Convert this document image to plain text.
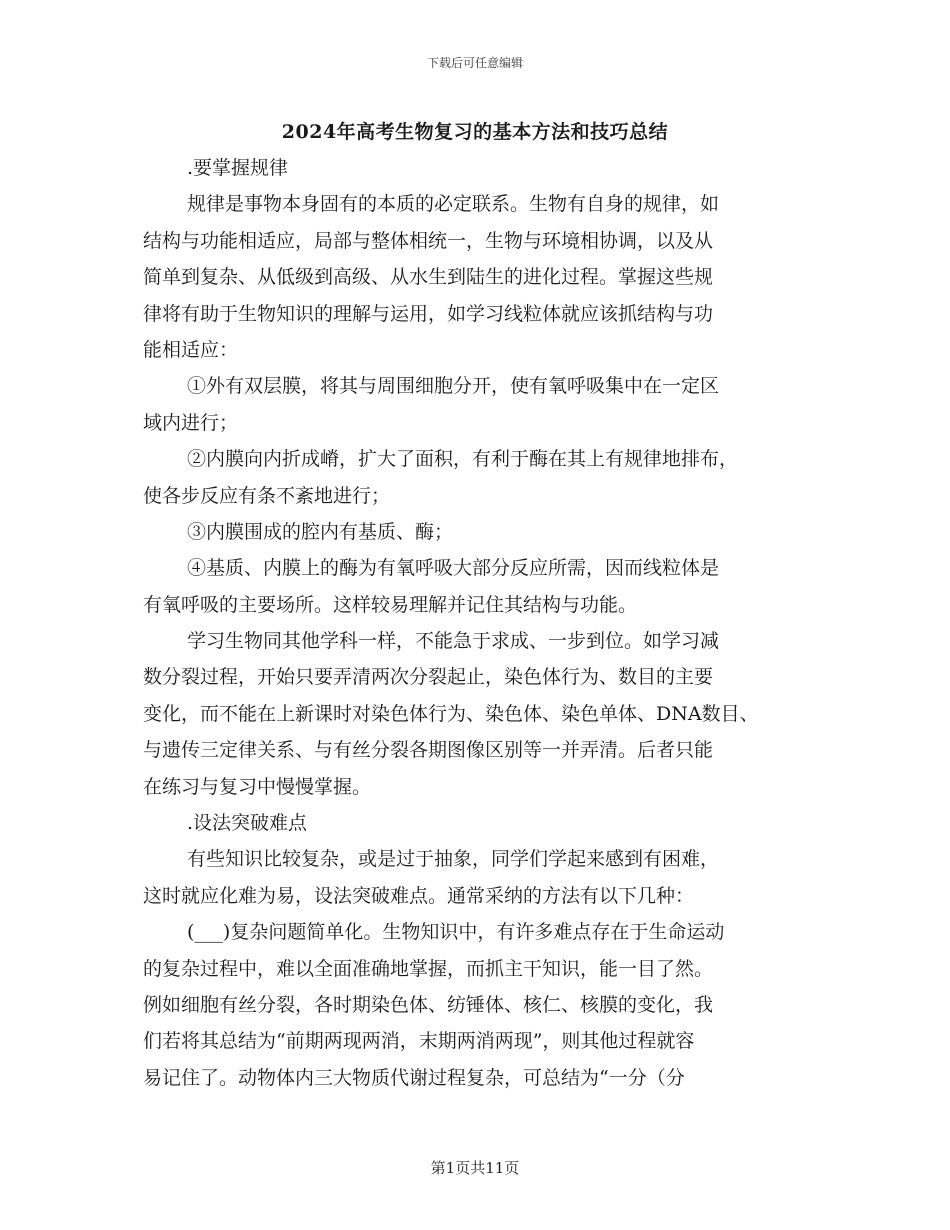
下载后可任意编辑
2024年高考生物复习的基本方法和技巧总结
.要掌握规律
规律是事物本身固有的本质的必定联系。生物有自身的规律，如
结构与功能相适应，局部与整体相统一，生物与环境相协调，以及从
简单到复杂、从低级到高级、从水生到陆生的进化过程。掌握这些规
律将有助于生物知识的理解与运用，如学习线粒体就应该抓结构与功
能相适应：
①外有双层膜，将其与周围细胞分开，使有氧呼吸集中在一定区
域内进行；
②内膜向内折成嵴，扩大了面积，有利于酶在其上有规律地排布，
使各步反应有条不紊地进行；
③内膜围成的腔内有基质、酶；
④基质、内膜上的酶为有氧呼吸大部分反应所需，因而线粒体是
有氧呼吸的主要场所。这样较易理解并记住其结构与功能。
学习生物同其他学科一样，不能急于求成、一步到位。如学习减
数分裂过程，开始只要弄清两次分裂起止，染色体行为、数目的主要
变化，而不能在上新课时对染色体行为、染色体、染色单体、DNA数目、
与遗传三定律关系、与有丝分裂各期图像区别等一并弄清。后者只能
在练习与复习中慢慢掌握。
.设法突破难点
有些知识比较复杂，或是过于抽象，同学们学起来感到有困难，
这时就应化难为易，设法突破难点。通常采纳的方法有以下几种：
(___)复杂问题简单化。生物知识中，有许多难点存在于生命运动
的复杂过程中，难以全面准确地掌握，而抓主干知识，能一目了然。
例如细胞有丝分裂，各时期染色体、纺锤体、核仁、核膜的变化，我
们若将其总结为“前期两现两消，末期两消两现”，则其他过程就容
易记住了。动物体内三大物质代谢过程复杂，可总结为“一分（分
第1页共11页
